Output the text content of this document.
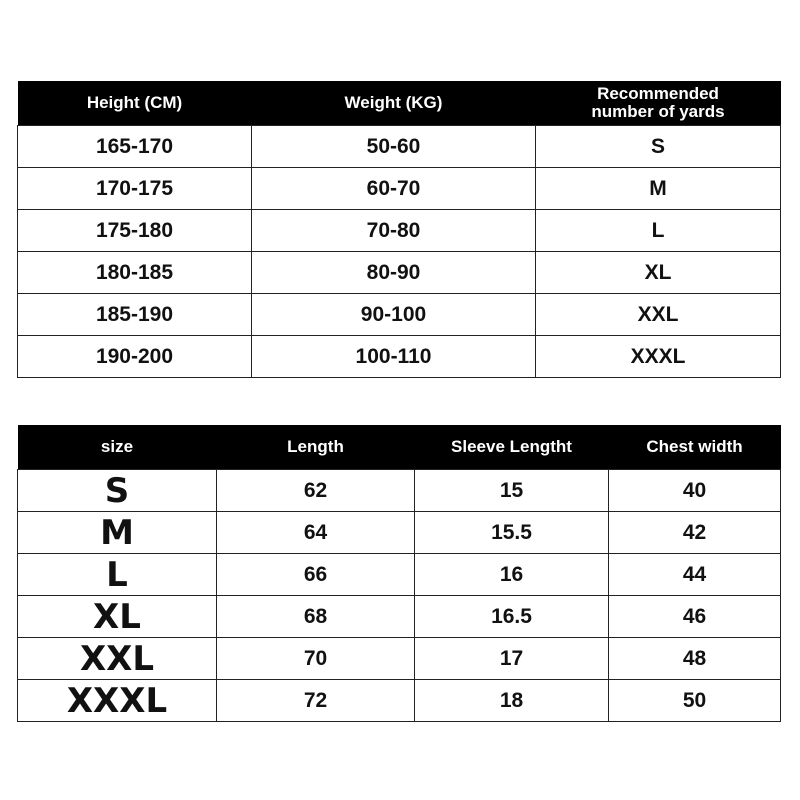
Height (CM)	Weight (KG)	Recommended
number of yards
165-170	50-60	S
170-175	60-70	M
175-180	70-80	L
180-185	80-90	XL
185-190	90-100	XXL
190-200	100-110	XXXL
size	Length	Sleeve Lengtht	Chest width
S	62	15	40
M	64	15.5	42
L	66	16	44
XL	68	16.5	46
XXL	70	17	48
XXXL	72	18	50
